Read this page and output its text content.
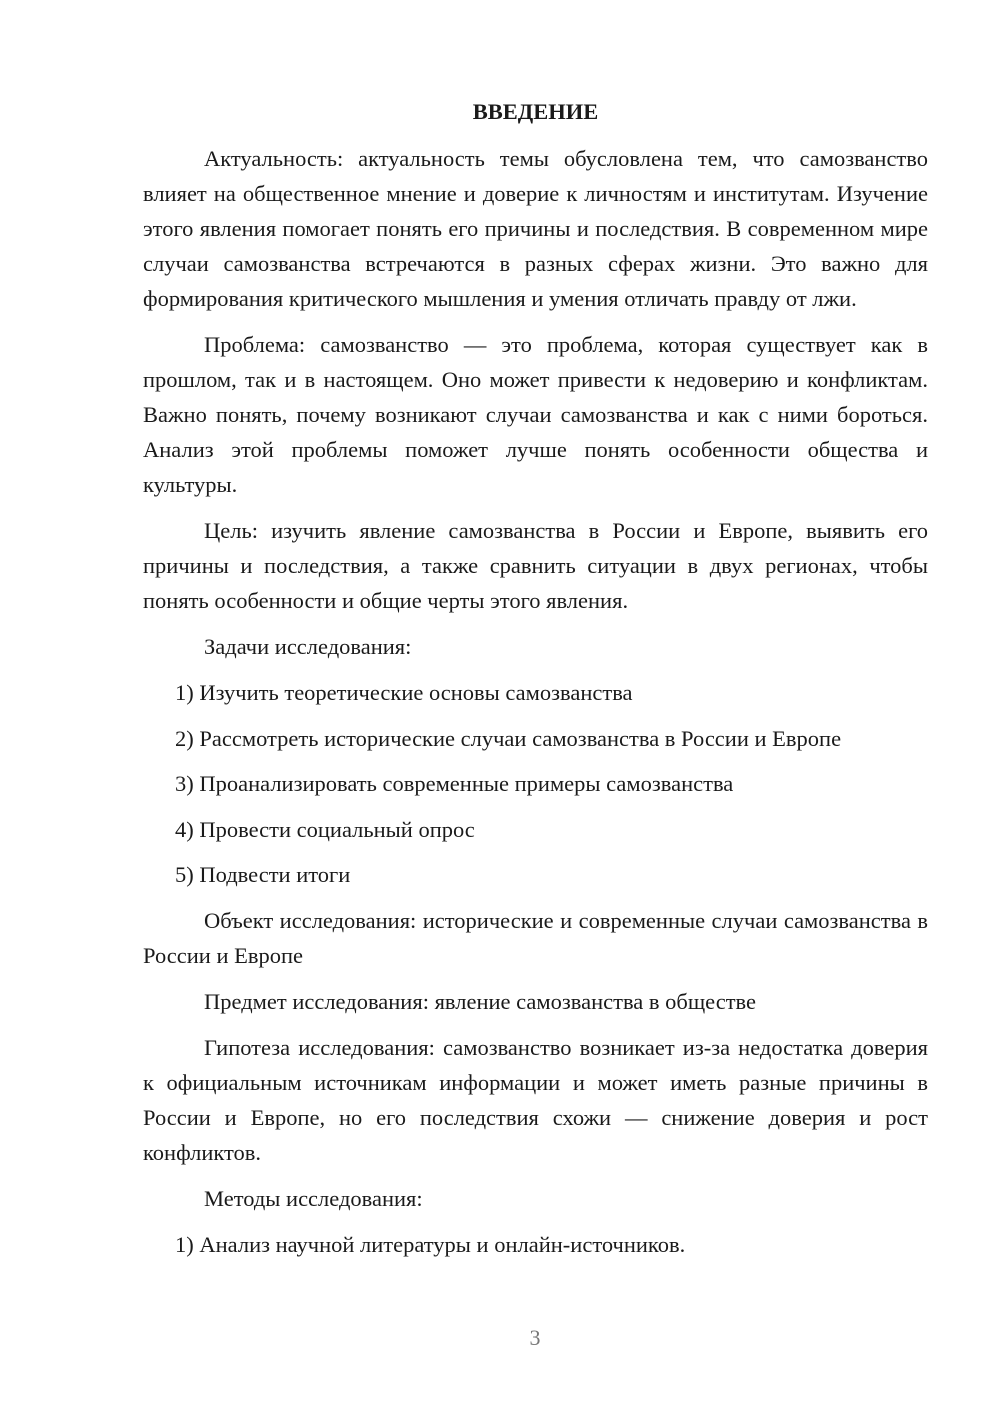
ВВЕДЕНИЕ

Актуальность: актуальность темы обусловлена тем, что самозванство влияет на общественное мнение и доверие к личностям и институтам. Изучение этого явления помогает понять его причины и последствия. В современном мире случаи самозванства встречаются в разных сферах жизни. Это важно для формирования критического мышления и умения отличать правду от лжи.

Проблема: самозванство — это проблема, которая существует как в прошлом, так и в настоящем. Оно может привести к недоверию и конфликтам. Важно понять, почему возникают случаи самозванства и как с ними бороться. Анализ этой проблемы поможет лучше понять особенности общества и культуры.

Цель: изучить явление самозванства в России и Европе, выявить его причины и последствия, а также сравнить ситуации в двух регионах, чтобы понять особенности и общие черты этого явления.

Задачи исследования:

1) Изучить теоретические основы самозванства
2) Рассмотреть исторические случаи самозванства в России и Европе
3) Проанализировать современные примеры самозванства
4) Провести социальный опрос
5) Подвести итоги

Объект исследования: исторические и современные случаи самозванства в России и Европе

Предмет исследования: явление самозванства в обществе

Гипотеза исследования: самозванство возникает из-за недостатка доверия к официальным источникам информации и может иметь разные причины в России и Европе, но его последствия схожи — снижение доверия и рост конфликтов.

Методы исследования:

1) Анализ научной литературы и онлайн-источников.
3
